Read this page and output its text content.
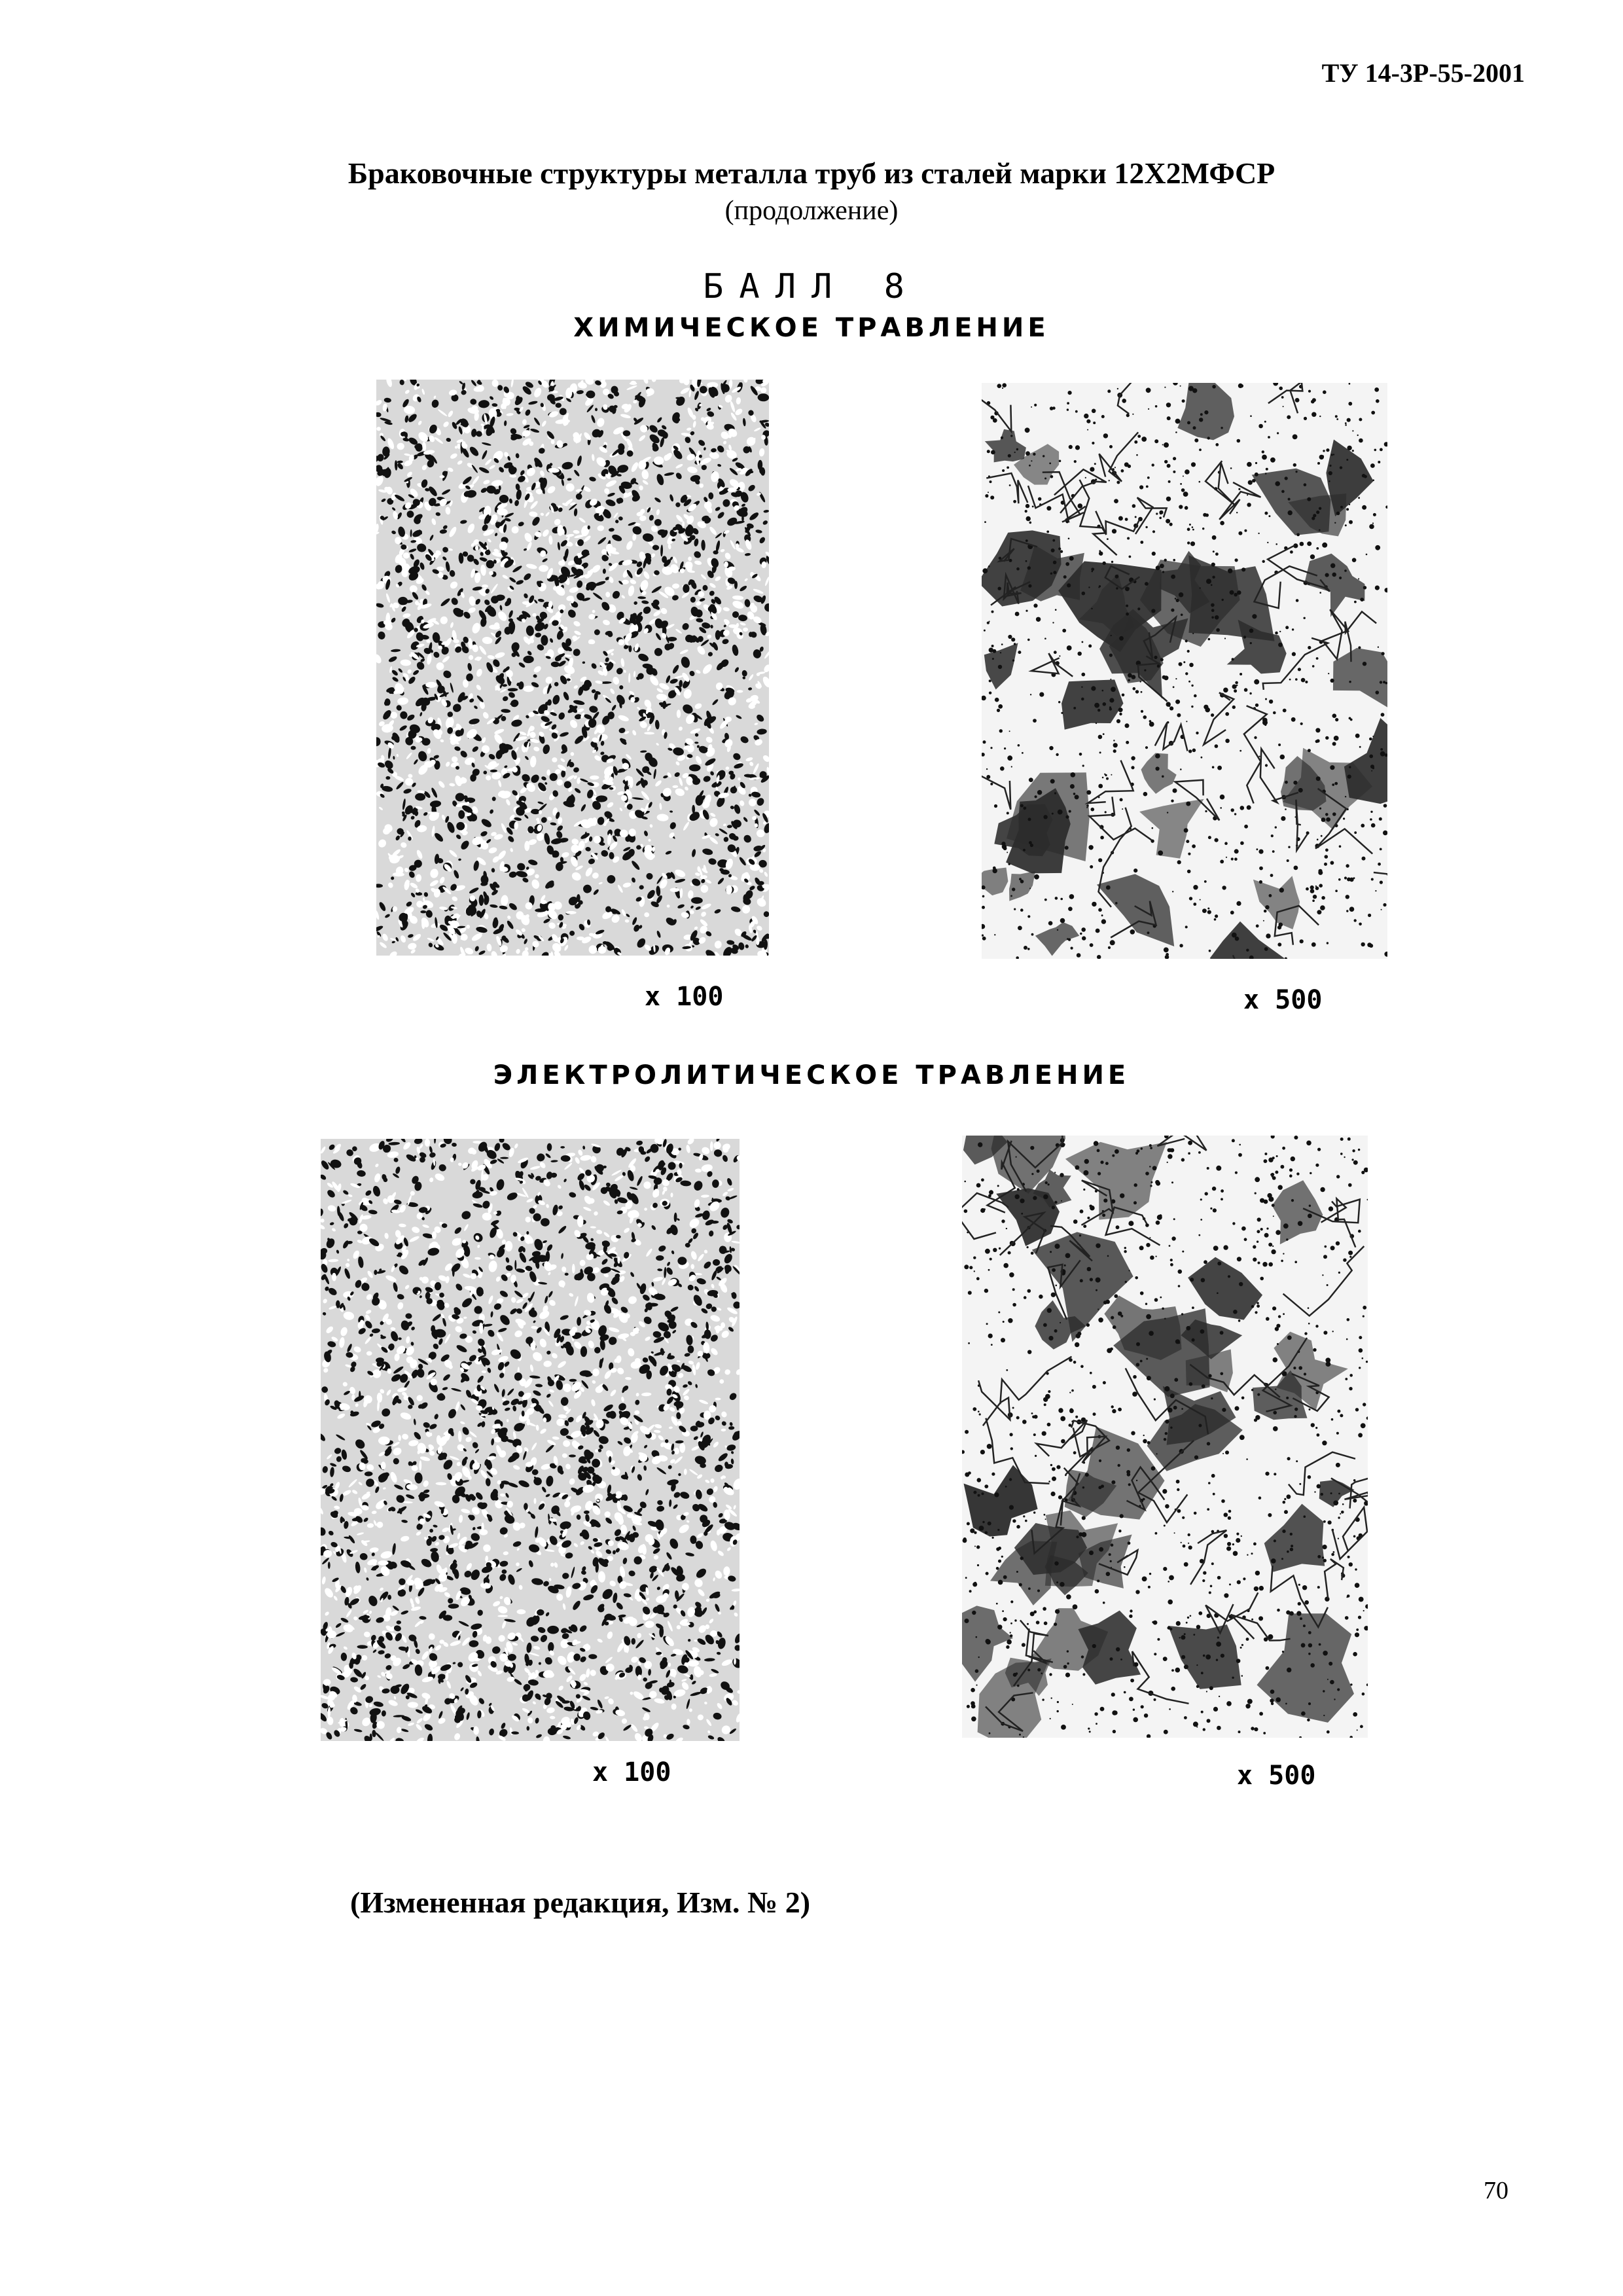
ТУ 14-3Р-55-2001
Браковочные структуры металла труб из сталей марки 12Х2МФСР
(продолжение)
БАЛЛ 8
ХИМИЧЕСКОЕ ТРАВЛЕНИЕ
x 100	x 500
ЭЛЕКТРОЛИТИЧЕСКОЕ ТРАВЛЕНИЕ
x 100	x 500
(Измененная редакция, Изм. № 2)
70
